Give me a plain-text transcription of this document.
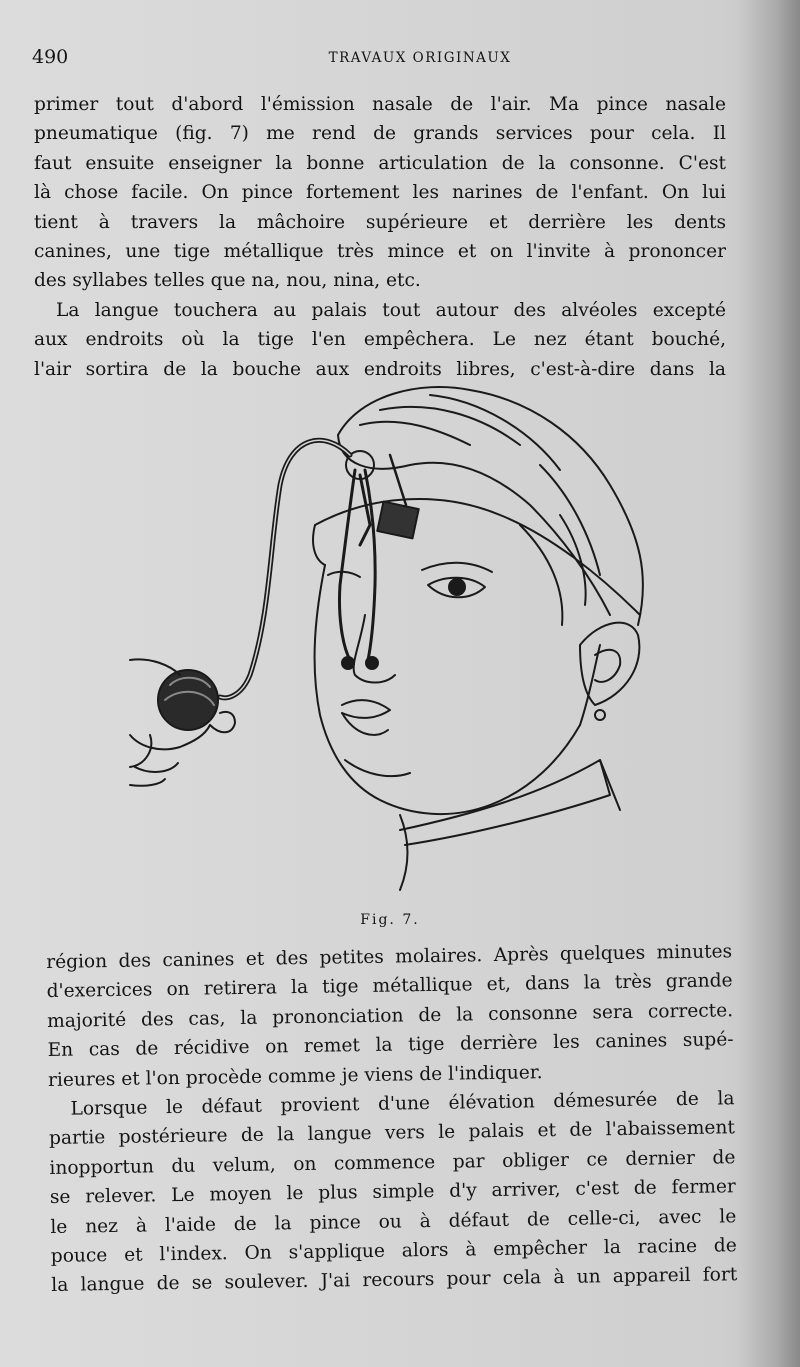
490	TRAVAUX ORIGINAUX
primer tout d'abord l'émission nasale de l'air. Ma pince nasale
pneumatique (fig. 7) me rend de grands services pour cela. Il
faut ensuite enseigner la bonne articulation de la consonne. C'est
là chose facile. On pince fortement les narines de l'enfant. On lui
tient à travers la mâchoire supérieure et derrière les dents
canines, une tige métallique très mince et on l'invite à prononcer
des syllabes telles que na, nou, nina, etc.
La langue touchera au palais tout autour des alvéoles excepté
aux endroits où la tige l'en empêchera. Le nez étant bouché,
l'air sortira de la bouche aux endroits libres, c'est-à-dire dans la
Fig. 7.
région des canines et des petites molaires. Après quelques minutes
d'exercices on retirera la tige métallique et, dans la très grande
majorité des cas, la prononciation de la consonne sera correcte.
En cas de récidive on remet la tige derrière les canines supé-
rieures et l'on procède comme je viens de l'indiquer.
Lorsque le défaut provient d'une élévation démesurée de la
partie postérieure de la langue vers le palais et de l'abaissement
inopportun du velum, on commence par obliger ce dernier de
se relever. Le moyen le plus simple d'y arriver, c'est de fermer
le nez à l'aide de la pince ou à défaut de celle-ci, avec le
pouce et l'index. On s'applique alors à empêcher la racine de
la langue de se soulever. J'ai recours pour cela à un appareil fort
